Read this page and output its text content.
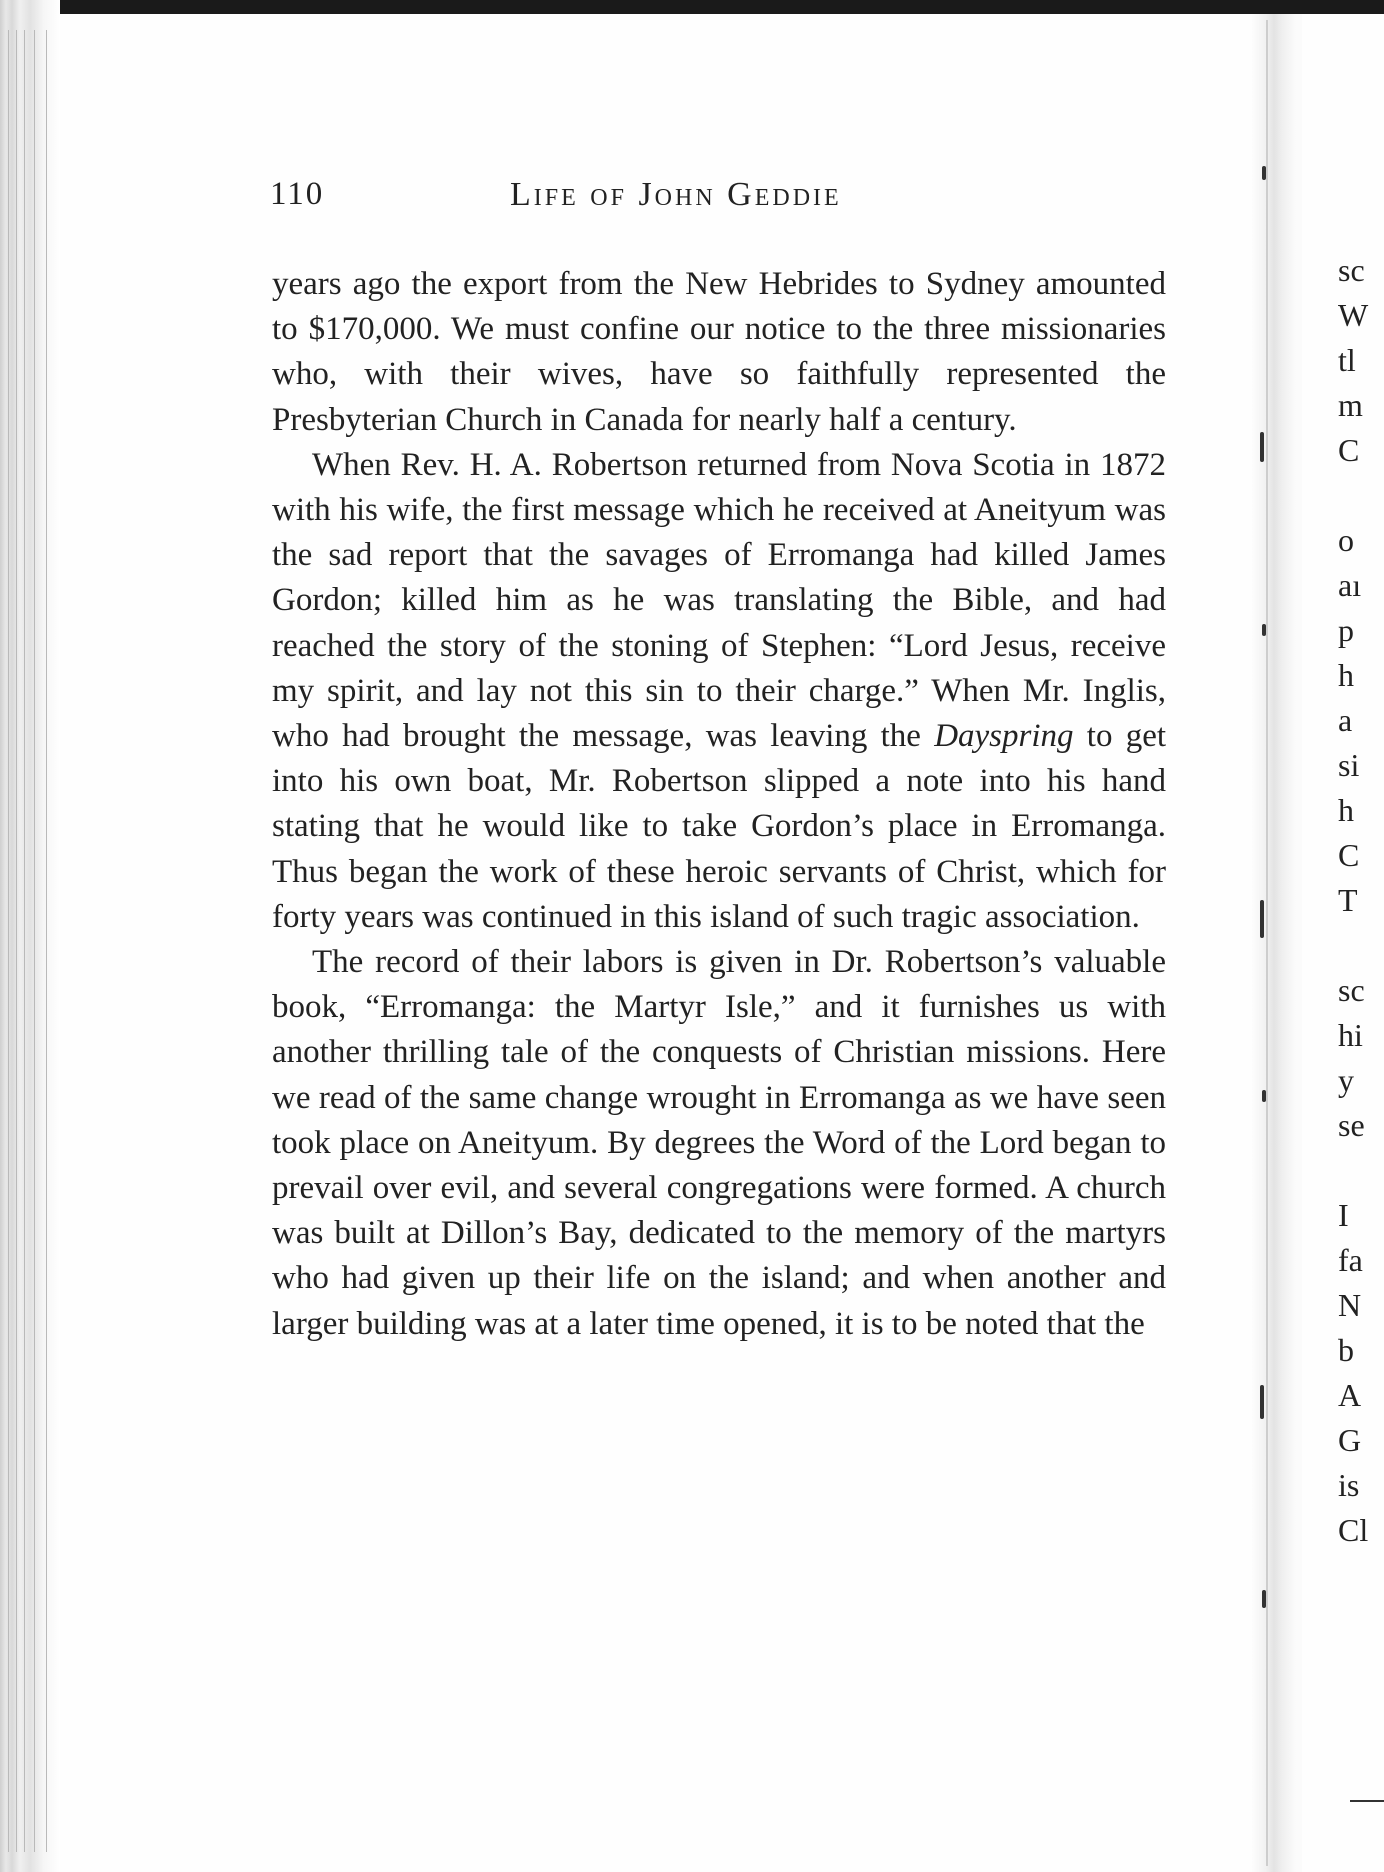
110	Life of John Geddie

years ago the export from the New Hebrides to Sydney amounted to $170,000. We must confine our notice to the three missionaries who, with their wives, have so faithfully represented the Presbyterian Church in Canada for nearly half a century.

When Rev. H. A. Robertson returned from Nova Scotia in 1872 with his wife, the first message which he received at Aneityum was the sad report that the savages of Erromanga had killed James Gordon; killed him as he was translating the Bible, and had reached the story of the stoning of Stephen: “Lord Jesus, receive my spirit, and lay not this sin to their charge.” When Mr. Inglis, who had brought the message, was leaving the Dayspring to get into his own boat, Mr. Robertson slipped a note into his hand stating that he would like to take Gordon’s place in Erromanga. Thus began the work of these heroic servants of Christ, which for forty years was continued in this island of such tragic association.

The record of their labors is given in Dr. Robertson’s valuable book, “Erromanga: the Martyr Isle,” and it furnishes us with another thrilling tale of the conquests of Christian missions. Here we read of the same change wrought in Erromanga as we have seen took place on Aneityum. By degrees the Word of the Lord began to prevail over evil, and several congregations were formed. A church was built at Dillon’s Bay, dedicated to the memory of the martyrs who had given up their life on the island; and when another and larger building was at a later time opened, it is to be noted that the

sc
W
tl
m
C
o
aı
p
h
a
si
h
C
T
sc
hi
y
se
I
fa
N
b
A
G
is
Cl
